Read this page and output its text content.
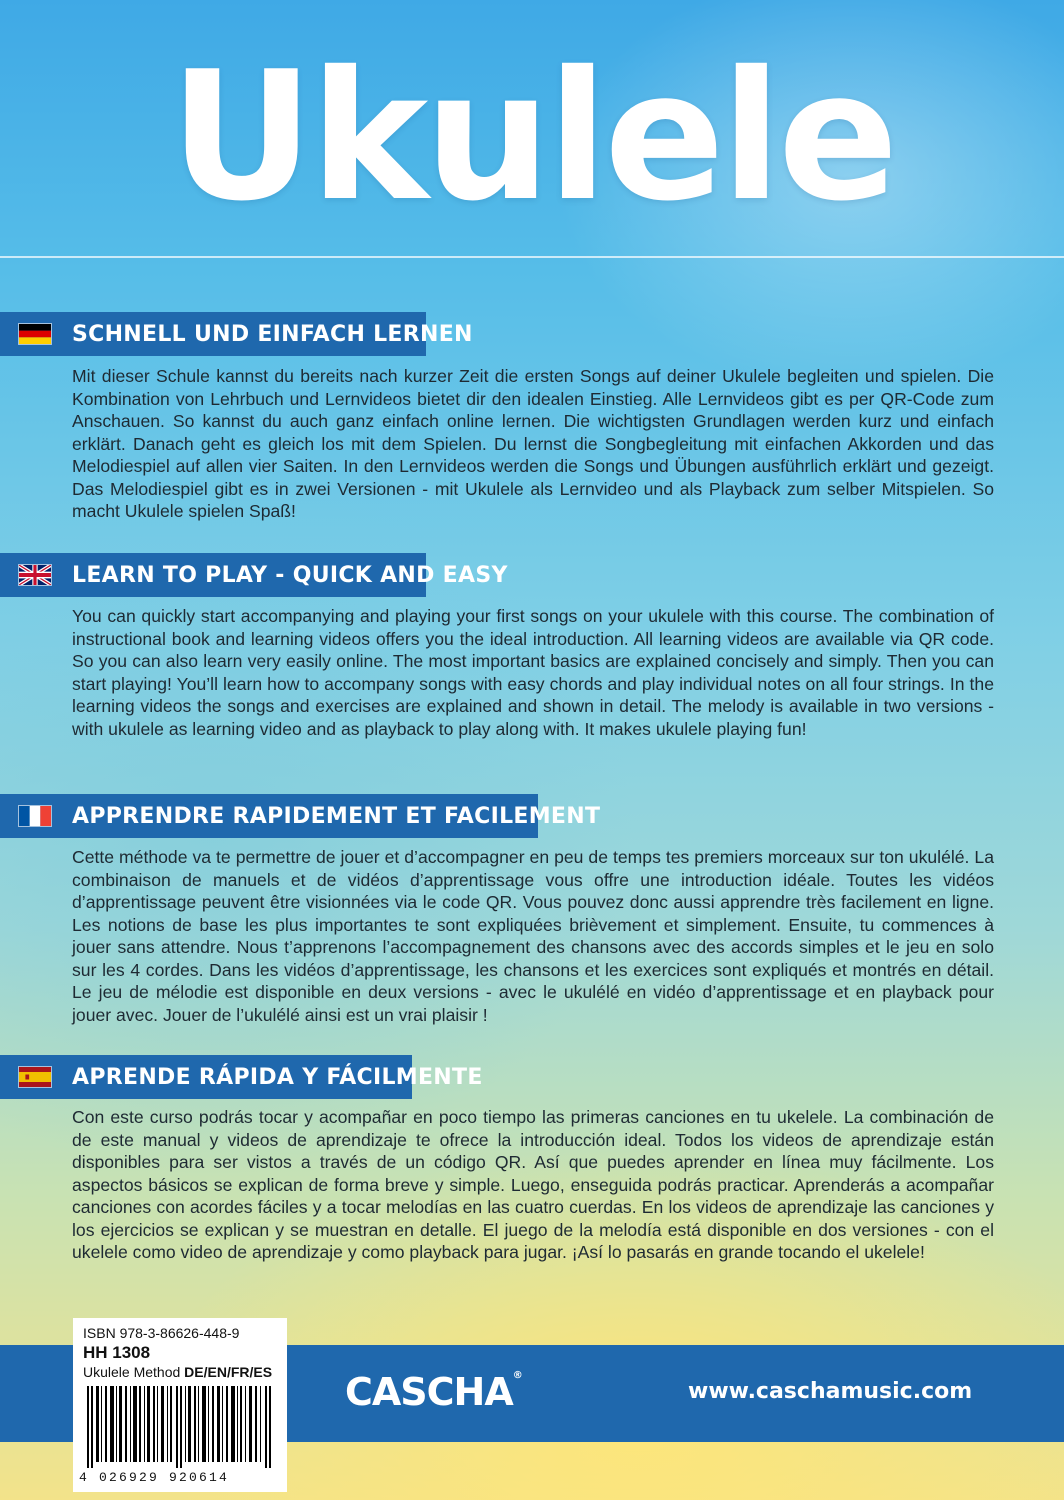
Ukulele
SCHNELL UND EINFACH LERNEN

Mit dieser Schule kannst du bereits nach kurzer Zeit die ersten Songs auf deiner Ukulele begleiten und spielen. Die Kombination von Lehrbuch und Lernvideos bietet dir den idealen Einstieg. Alle Lernvideos gibt es per QR-Code zum Anschauen. So kannst du auch ganz einfach online lernen. Die wichtigsten Grundlagen werden kurz und einfach erklärt. Danach geht es gleich los mit dem Spielen. Du lernst die Songbegleitung mit einfachen Akkorden und das Melodiespiel auf allen vier Saiten. In den Lernvideos werden die Songs und Übungen ausführlich erklärt und gezeigt. Das Melodiespiel gibt es in zwei Versionen - mit Ukulele als Lernvideo und als Playback zum selber Mitspielen. So macht Ukulele spielen Spaß!

LEARN TO PLAY - QUICK AND EASY

You can quickly start accompanying and playing your first songs on your ukulele with this course. The combination of instructional book and learning videos offers you the ideal introduction. All learning videos are available via QR code. So you can also learn very easily online. The most important basics are explained concisely and simply. Then you can start playing! You’ll learn how to accompany songs with easy chords and play individual notes on all four strings. In the learning videos the songs and exercises are explained and shown in detail. The melody is available in two versions - with ukulele as learning video and as playback to play along with. It makes ukulele playing fun!

APPRENDRE RAPIDEMENT ET FACILEMENT

Cette méthode va te permettre de jouer et d’accompagner en peu de temps tes premiers morceaux sur ton ukulélé. La combinaison de manuels et de vidéos d’apprentissage vous offre une introduction idéale. Toutes les vidéos d’apprentissage peuvent être visionnées via le code QR. Vous pouvez donc aussi apprendre très facilement en ligne. Les notions de base les plus importantes te sont expliquées brièvement et simplement. Ensuite, tu commences à jouer sans attendre. Nous t’apprenons l’accompagnement des chansons avec des accords simples et le jeu en solo sur les 4 cordes. Dans les vidéos d’apprentissage, les chansons et les exercices sont expliqués et montrés en détail. Le jeu de mélodie est disponible en deux versions - avec le ukulélé en vidéo d’apprentissage et en playback pour jouer avec. Jouer de l’ukulélé ainsi est un vrai plaisir !

APRENDE RÁPIDA Y FÁCILMENTE

Con este curso podrás tocar y acompañar en poco tiempo las primeras canciones en tu ukelele. La combinación de de este manual y videos de aprendizaje te ofrece la introducción ideal. Todos los videos de aprendizaje están disponibles para ser vistos a través de un código QR. Así que puedes aprender en línea muy fácilmente. Los aspectos básicos se explican de forma breve y simple. Luego, enseguida podrás practicar. Aprenderás a acompañar canciones con acordes fáciles y a tocar melodías en las cuatro cuerdas. En los videos de aprendizaje las canciones y los ejercicios se explican y se muestran en detalle. El juego de la melodía está disponible en dos versiones - con el ukelele como video de aprendizaje y como playback para jugar. ¡Así lo pasarás en grande tocando el ukelele!

CASCHA®
www.caschamusic.com
ISBN 978-3-86626-448-9
HH 1308
Ukulele Method DE/EN/FR/ES
4 026929 920614
